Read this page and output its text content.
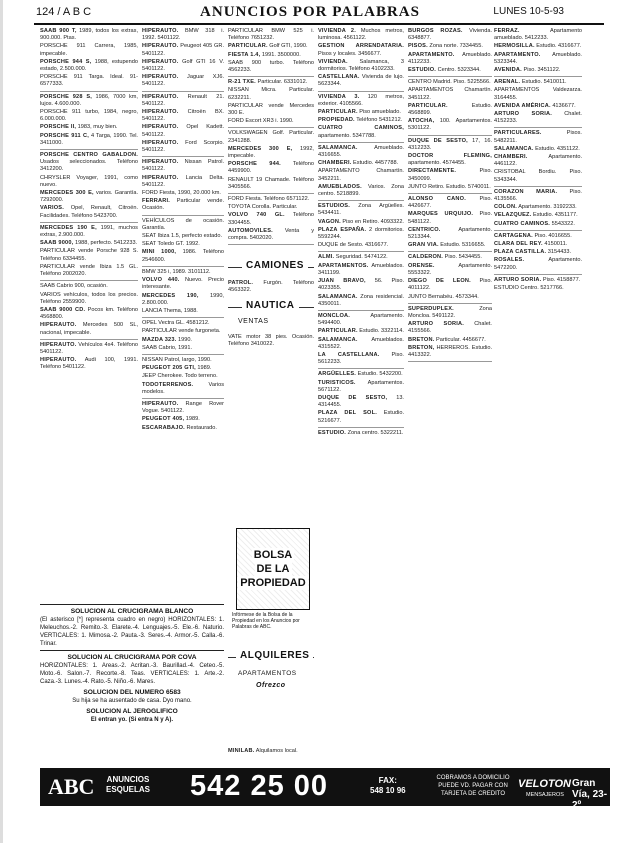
124 / A B C	ANUNCIOS POR PALABRAS	LUNES 10-5-93
SAAB 900 T, 1989, todos los extras, 900.000. Ptas.
PORSCHE 911 Carrera, 1985, impecable.
PORSCHE 944 S, 1988, estupendo estado, 2.500.000.
PORSCHE 911 Targa. Ideal. 91-6577333.
PORSCHE 928 S, 1986, 7000 km, lujos. 4.600.000.
PORSCHE 911 turbo, 1984, negro, 6.000.000.
PORSCHE II, 1983, muy bien.
PORSCHE 911 C, 4 Targa, 1990. Tel. 3411000.
PORSCHE CENTRO GABALDON. Usados seleccionados. Teléfono 3412200.
CHRYSLER Voyager, 1991, como nuevo.
MERCEDES 300 E, varios. Garantía. 7292000.
VARIOS. Opel, Renault, Citroën. Facilidades. Teléfono 5423700.
MERCEDES 190 E, 1991, muchos extras, 2.900.000.
SAAB 9000, 1988, perfecto. 5412233.
PARTICULAR vende Porsche 928 S. Teléfono 6334455.
PARTICULAR vende Ibiza 1.5 GL. Teléfono 2002020.
SAAB Cabrio 900, ocasión.
VARIOS vehículos, todos los precios. Teléfono 2559900.
SAAB 9000 CD. Pocos km. Teléfono 4568800.
HIPERAUTO. Mercedes 500 SL, nacional, impecable.
HIPERAUTO. Vehículos 4x4. Teléfono 5401122.
HIPERAUTO. Audi 100, 1991. Teléfono 5401122.
HIPERAUTO. BMW 318 i. 1992. 5401122.
HIPERAUTO. Peugeot 405 GR. 5401122.
HIPERAUTO. Golf GTI 16 V. 5401122.
HIPERAUTO. Jaguar XJ6. 5401122.
HIPERAUTO. Renault 21. 5401122.
HIPERAUTO. Citroën BX. 5401122.
HIPERAUTO. Opel Kadett. 5401122.
HIPERAUTO. Ford Scorpio. 5401122.
HIPERAUTO. Nissan Patrol. 5401122.
HIPERAUTO. Lancia Delta. 5401122.
FORD Fiesta, 1990, 20.000 km.
FERRARI. Particular vende. Ocasión.
VEHÍCULOS de ocasión. Garantía.
SEAT Ibiza 1.5, perfecto estado.
SEAT Toledo GT. 1992.
MINI 1000, 1986. Teléfono 2546600.
BMW 325 i, 1989. 3101112.
VOLVO 440. Nuevo. Precio interesante.
MERCEDES 190, 1990, 2.800.000.
LANCIA Thema, 1988.
OPEL Vectra GL. 4581212.
PARTICULAR vende furgoneta.
MAZDA 323. 1990.
SAAB Cabrio, 1991.
NISSAN Patrol, largo, 1990.
PEUGEOT 205 GTI, 1989.
JEEP Cherokee. Todo terreno.
TODOTERRENOS. Varios modelos.
HIPERAUTO. Range Rover Vogue. 5401122.
PEUGEOT 405, 1989.
ESCARABAJO. Restaurado.
PARTICULAR BMW 525 i. Teléfono 7651232.
PARTICULAR. Golf GTI, 1990.
FIESTA 1.4, 1991. 3500000.
SAAB 900 turbo. Teléfono 4562233.
R-21 TXE. Particular. 6331012.
NISSAN Micra. Particular. 6232211.
PARTICULAR vende Mercedes 300 E.
FORD Escort XR3 i. 1990.
VOLKSWAGEN Golf. Particular. 2341288.
MERCEDES 300 E, 1992, impecable.
PORSCHE 944. Teléfono 4459900.
RENAULT 19 Chamade. Teléfono 3405566.
FORD Fiesta. Teléfono 6571122.
TOYOTA Corolla. Particular.
VOLVO 740 GL. Teléfono 3304455.
AUTOMOVILES. Venta y compra. 5402020.
VIVIENDA 2. Muchos metros, luminosa. 4561122.
GESTION ARRENDATARIA. Pisos y locales. 3456677.
VIVIENDA. Salamanca, 3 dormitorios. Teléfono 4102233.
CASTELLANA. Vivienda de lujo. 5623344.
VIVIENDA 3. 120 metros, exterior. 4105566.
PARTICULAR. Piso amueblado.
PROPIEDAD. Teléfono 5431212.
CUATRO CAMINOS, apartamento. 5347788.
SALAMANCA. Amueblado. 4316655.
CHAMBERI. Estudio. 4457788.
APARTAMENTO Chamartín. 3452211.
AMUEBLADOS. Varios. Zona centro. 5218899.
ESTUDIOS. Zona Argüelles. 5434411.
VAGON. Piso en Retiro. 4093322.
PLAZA ESPAÑA. 2 dormitorios. 5592244.
DUQUE de Sesto. 4316677.
ALMI. Seguridad. 5474122.
APARTAMENTOS. Amueblados. 3411199.
JUAN BRAVO, 56. Piso. 4023355.
SALAMANCA. Zona residencial. 4350011.
MONCLOA. Apartamento. 5494400.
PARTICULAR. Estudio. 3322114.
SALAMANCA. Amueblados. 4315522.
LA CASTELLANA. Piso. 5612233.
ARGÜELLES. Estudio. 5432200.
TURISTICOS. Apartamentos. 5671122.
DUQUE DE SESTO, 13. 4314455.
PLAZA DEL SOL. Estudio. 5216677.
ESTUDIO. Zona centro. 5322211.
BURGOS ROZAS. Vivienda. 6348877.
PISOS. Zona norte. 7334455.
APARTAMENTO. Amueblado. 4112233.
ESTUDIO. Centro. 5323344.
CENTRO Madrid. Piso. 5225566.
APARTAMENTOS Chamartín. 3451122.
PARTICULAR. Estudio. 4568899.
ATOCHA, 100. Apartamentos. 5301122.
DUQUE DE SESTO, 17, 16. 4312233.
DOCTOR FLEMING, apartamento. 4574455.
DIRECTAMENTE. Piso. 3450099.
JUNTO Retiro. Estudio. 5740011.
ALONSO CANO. Piso. 4426677.
MARQUES URQUIJO. Piso. 5481122.
CENTRICO. Apartamento. 5213344.
GRAN VIA. Estudio. 5316655.
CALDERON. Piso. 5434455.
ORENSE. Apartamento. 5553322.
DIEGO DE LEON. Piso. 4011122.
JUNTO Bernabéu. 4573344.
SUPERDUPLEX. Zona Moncloa. 5491122.
ARTURO SORIA. Chalet. 4155566.
BRETON. Particular. 4456677.
BRETON, HERREROS. Estudio. 4413322.
FERRAZ. Apartamento amueblado. 5412233.
HERMOSILLA. Estudio. 4316677.
APARTAMENTO. Amueblado. 5323344.
AVENIDA. Piso. 3451122.
ARENAL. Estudio. 5410011.
APARTAMENTOS Valdezarza. 3164455.
AVENIDA AMÉRICA. 4136677.
ARTURO SORIA. Chalet. 4152233.
PARTICULARES. Pisos. 5482211.
SALAMANCA. Estudio. 4351122.
CHAMBERI. Apartamento. 4461122.
CRISTOBAL Bordiu. Piso. 5343344.
CORAZON MARIA. Piso. 4135566.
COLON. Apartamento. 3192233.
VELAZQUEZ. Estudio. 4351177.
CUATRO CAMINOS. 5543322.
CARTAGENA. Piso. 4016655.
CLARA DEL REY. 4150011.
PLAZA CASTILLA. 3154433.
ROSALES. Apartamento. 5472200.
ARTURO SORIA. Piso. 4158877.
ESTUDIO Centro. 5217766.
CAMIONES
PATROL. Furgón. Teléfono 4563322.
NAUTICA
VENTAS
VATE motor 38 pies. Ocasión. Teléfono 3410022.
BOLSA
DE LA
PROPIEDAD
Infórmese de la Bolsa de la Propiedad en los Anuncios por Palabras de ABC.
ALQUILERES
APARTAMENTOS
Ofrezco
MINILAB. Alquilamos local.
SOLUCION AL CRUCIGRAMA BLANCO
(El asterisco [*] representa cuadro en negro) HORIZONTALES: 1. Meleuchos.-2. Remito.-3. Elarete.-4. Lenguajes.-5. Ele.-6. Naturio. VERTICALES: 1. Mimosa.-2. Pauta.-3. Seres.-4. Armor.-5. Calla.-6. Trinar.
SOLUCION AL CRUCIGRAMA POR COVA
HORIZONTALES: 1. Areas.-2. Acritan.-3. Baurillad.-4. Ceteo.-5. Moto.-6. Salon.-7. Recorte.-8. Teas. VERTICALES: 1. Arte.-2. Caza.-3. Lunes.-4. Rato.-5. Niño.-6. Mares.
SOLUCION DEL NUMERO 6583
Su hija se ha ausentado de casa. Dyo mano.
SOLUCION AL JEROGLIFICO
El entran yo. (Si entra N y A).
ABC ANUNCIOS
ESQUELAS 542 25 00	FAX:
548 10 96
COBRAMOS A DOMICILIO
PUEDE VD. PAGAR CON
TARJETA DE CREDITO
VELOTON
MENSAJEROS
Gran Vía, 23-2º
